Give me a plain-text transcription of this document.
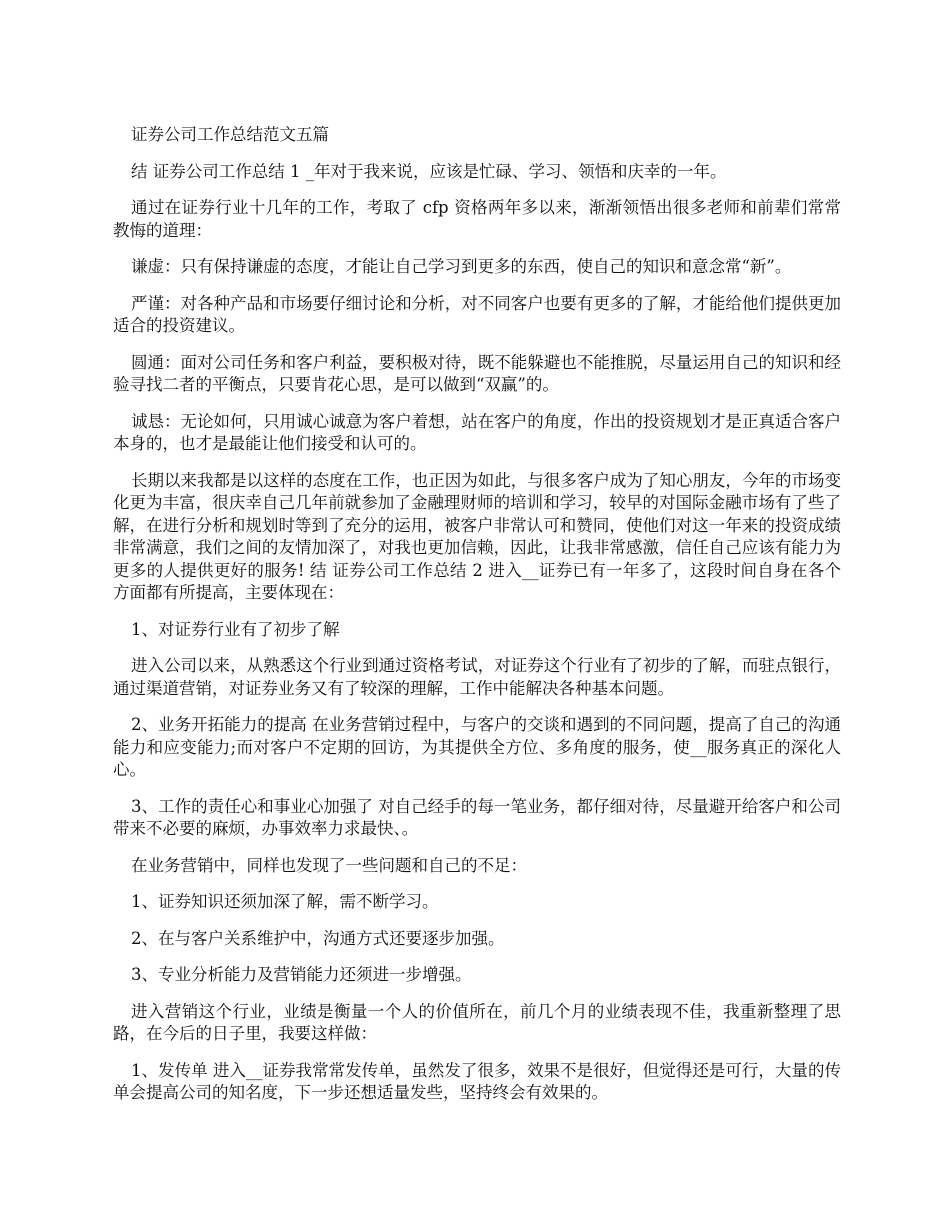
证券公司工作总结范文五篇

结 证券公司工作总结 1 _年对于我来说，应该是忙碌、学习、领悟和庆幸的一年。

通过在证券行业十几年的工作，考取了 cfp 资格两年多以来，渐渐领悟出很多老师和前辈们常常教悔的道理：

谦虚：只有保持谦虚的态度，才能让自己学习到更多的东西，使自己的知识和意念常“新”。

严谨：对各种产品和市场要仔细讨论和分析，对不同客户也要有更多的了解，才能给他们提供更加适合的投资建议。

圆通：面对公司任务和客户利益，要积极对待，既不能躲避也不能推脱，尽量运用自己的知识和经验寻找二者的平衡点，只要肯花心思，是可以做到“双赢”的。

诚恳：无论如何，只用诚心诚意为客户着想，站在客户的角度，作出的投资规划才是正真适合客户本身的，也才是最能让他们接受和认可的。

长期以来我都是以这样的态度在工作，也正因为如此，与很多客户成为了知心朋友，今年的市场变化更为丰富，很庆幸自己几年前就参加了金融理财师的培训和学习，较早的对国际金融市场有了些了解，在进行分析和规划时等到了充分的运用，被客户非常认可和赞同，使他们对这一年来的投资成绩非常满意，我们之间的友情加深了，对我也更加信赖，因此，让我非常感激，信任自己应该有能力为更多的人提供更好的服务! 结 证券公司工作总结 2 进入__证券已有一年多了，这段时间自身在各个方面都有所提高，主要体现在：

1、对证券行业有了初步了解

进入公司以来，从熟悉这个行业到通过资格考试，对证券这个行业有了初步的了解，而驻点银行，通过渠道营销，对证券业务又有了较深的理解，工作中能解决各种基本问题。

2、业务开拓能力的提高 在业务营销过程中，与客户的交谈和遇到的不同问题，提高了自己的沟通能力和应变能力;而对客户不定期的回访，为其提供全方位、多角度的服务，使__服务真正的深化人心。

3、工作的责任心和事业心加强了 对自己经手的每一笔业务，都仔细对待，尽量避开给客户和公司带来不必要的麻烦，办事效率力求最快、。

在业务营销中，同样也发现了一些问题和自己的不足：

1、证券知识还须加深了解，需不断学习。

2、在与客户关系维护中，沟通方式还要逐步加强。

3、专业分析能力及营销能力还须进一步增强。

进入营销这个行业，业绩是衡量一个人的价值所在，前几个月的业绩表现不佳，我重新整理了思路，在今后的日子里，我要这样做：

1、发传单 进入__证券我常常发传单，虽然发了很多，效果不是很好，但觉得还是可行，大量的传单会提高公司的知名度，下一步还想适量发些，坚持终会有效果的。
